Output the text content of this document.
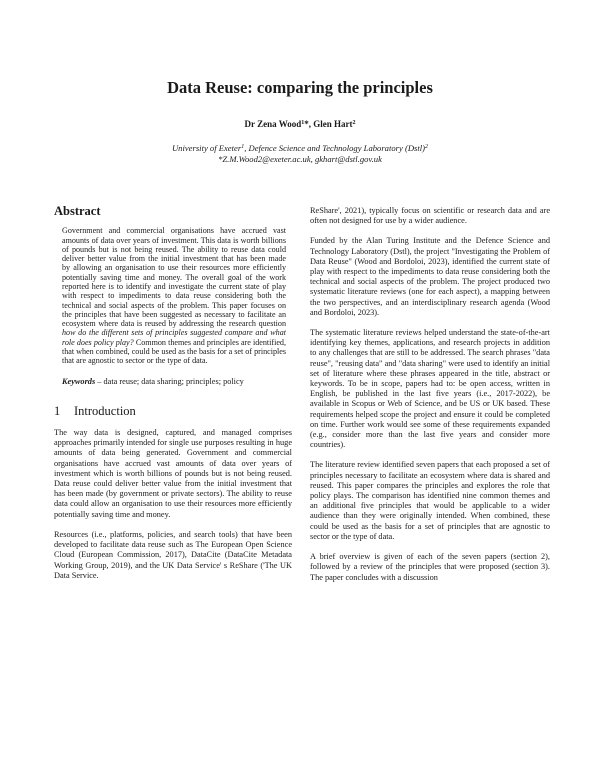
Data Reuse: comparing the principles
Dr Zena Wood$^1$*, Glen Hart$^2$
University of Exeter$^1$, Defence Science and Technology Laboratory (Dstl)$^2$
*Z.M.Wood2@exeter.ac.uk, gkhart@dstl.gov.uk
Abstract

Government and commercial organisations have accrued vast amounts of data over years of investment. This data is worth billions of pounds but is not being reused. The ability to reuse data could deliver better value from the initial investment that has been made by allowing an organisation to use their resources more efficiently potentially saving time and money. The overall goal of the work reported here is to identify and investigate the current state of play with respect to impediments to data reuse considering both the technical and social aspects of the problem. This paper focuses on the principles that have been suggested as necessary to facilitate an ecosystem where data is reused by addressing the research question how do the different sets of principles suggested compare and what role does policy play? Common themes and principles are identified, that when combined, could be used as the basis for a set of principles that are agnostic to sector or the type of data.

Keywords – data reuse; data sharing; principles; policy

1 Introduction

The way data is designed, captured, and managed comprises approaches primarily intended for single use purposes resulting in huge amounts of data being generated. Government and commercial organisations have accrued vast amounts of data over years of investment which is worth billions of pounds but is not being reused. Data reuse could deliver better value from the initial investment that has been made (by government or private sectors). The ability to reuse data could allow an organisation to use their resources more efficiently potentially saving time and money.

Resources (i.e., platforms, policies, and search tools) that have been developed to facilitate data reuse such as The European Open Science Cloud (European Commission, 2017), DataCite (DataCite Metadata Working Group, 2019), and the UK Data Service' s ReShare ('The UK Data Service.

ReShare', 2021), typically focus on scientific or research data and are often not designed for use by a wider audience.

Funded by the Alan Turing Institute and the Defence Science and Technology Laboratory (Dstl), the project "Investigating the Problem of Data Reuse" (Wood and Bordoloi, 2023), identified the current state of play with respect to the impediments to data reuse considering both the technical and social aspects of the problem. The project produced two systematic literature reviews (one for each aspect), a mapping between the two perspectives, and an interdisciplinary research agenda (Wood and Bordoloi, 2023).

The systematic literature reviews helped understand the state-of-the-art identifying key themes, applications, and research projects in addition to any challenges that are still to be addressed. The search phrases "data reuse", "reusing data" and "data sharing" were used to identify an initial set of literature where these phrases appeared in the title, abstract or keywords. To be in scope, papers had to: be open access, written in English, be published in the last five years (i.e., 2017-2022), be available in Scopus or Web of Science, and be US or UK based. These requirements helped scope the project and ensure it could be completed on time. Further work would see some of these requirements expanded (e.g., consider more than the last five years and consider more countries).

The literature review identified seven papers that each proposed a set of principles necessary to facilitate an ecosystem where data is shared and reused. This paper compares the principles and explores the role that policy plays. The comparison has identified nine common themes and an additional five principles that would be applicable to a wider audience than they were originally intended. When combined, these could be used as the basis for a set of principles that are agnostic to sector or the type of data.

A brief overview is given of each of the seven papers (section 2), followed by a review of the principles that were proposed (section 3). The paper concludes with a discussion
